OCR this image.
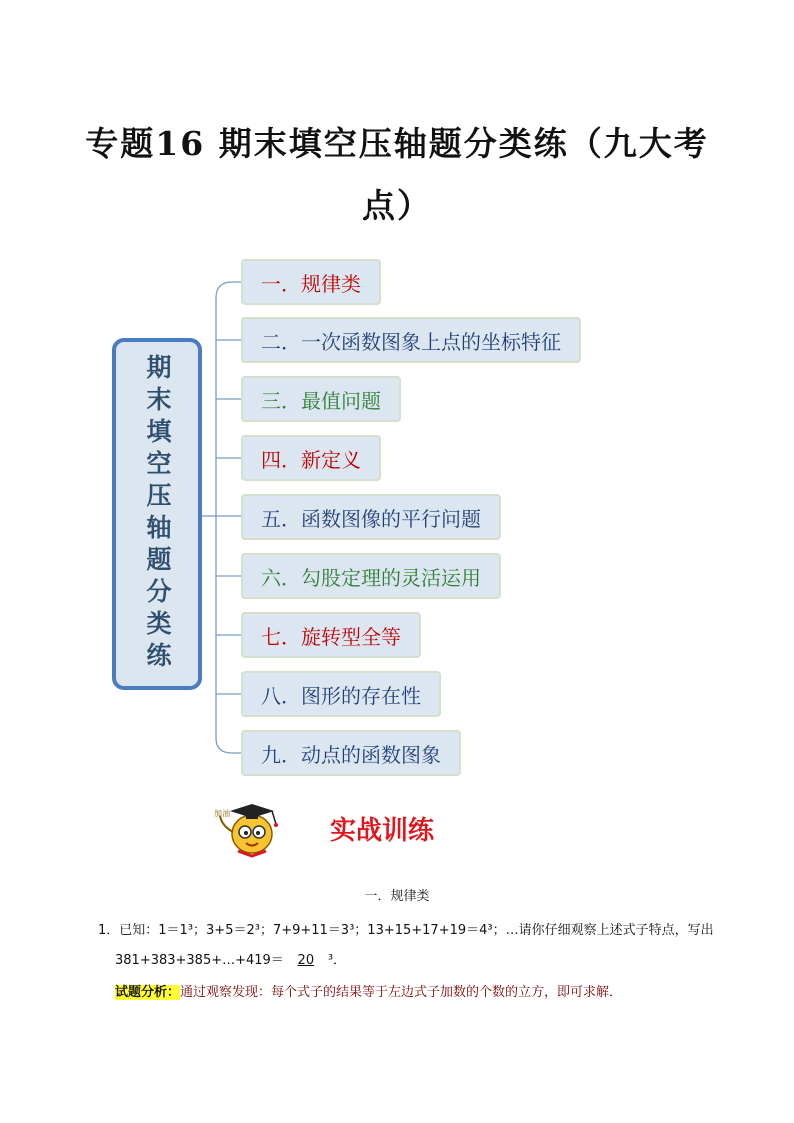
专题16 期末填空压轴题分类练（九大考
点）
期末填空压轴题分类练
一．规律类
二．一次函数图象上点的坐标特征
三．最值问题
四．新定义
五．函数图像的平行问题
六．勾股定理的灵活运用
七．旋转型全等
八．图形的存在性
九．动点的函数图象
加油
实战训练
一．规律类
1．已知：1＝1³；3+5＝2³；7+9+11＝3³；13+15+17+19＝4³；…请你仔细观察上述式子特点，写出
381+383+385+…+419＝ 20 ³．
试题分析：通过观察发现：每个式子的结果等于左边式子加数的个数的立方，即可求解．
